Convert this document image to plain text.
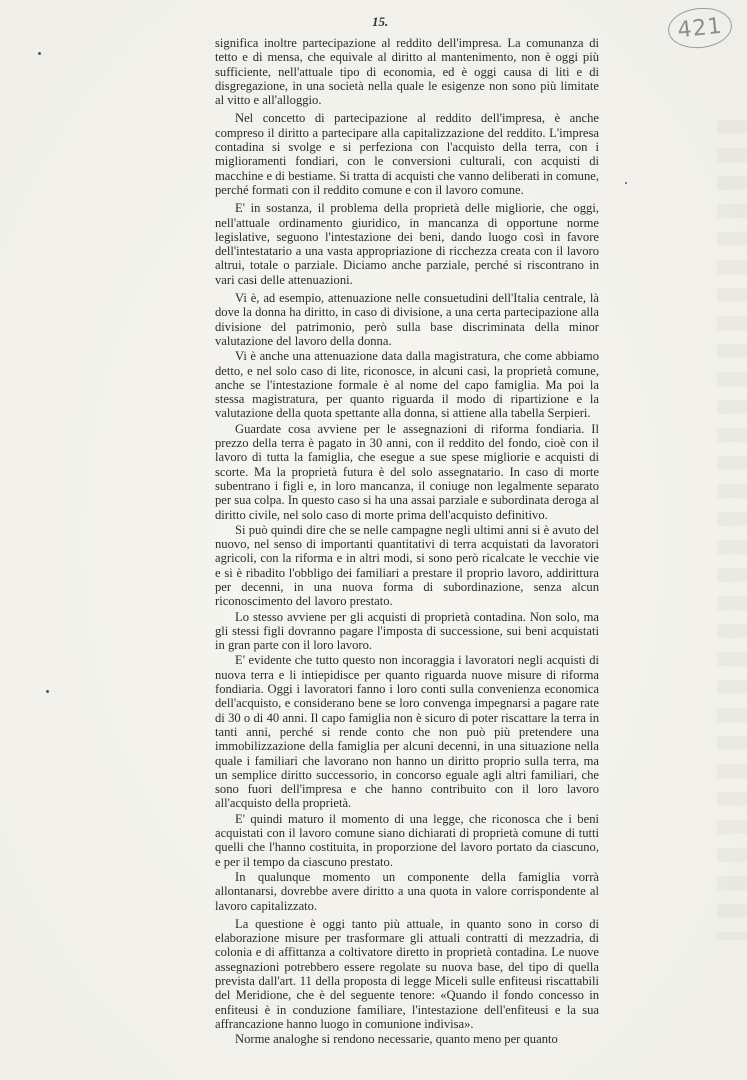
15.	421

significa inoltre partecipazione al reddito dell'impresa. La comunanza di tetto e di mensa, che equivale al diritto al mantenimento, non è oggi più sufficiente, nell'attuale tipo di economia, ed è oggi causa di liti e di disgregazione, in una società nella quale le esigenze non sono più limitate al vitto e all'alloggio.

Nel concetto di partecipazione al reddito dell'impresa, è anche compreso il diritto a partecipare alla capitalizzazione del reddito. L'impresa contadina si svolge e si perfeziona con l'acquisto della terra, con i miglioramenti fondiari, con le conversioni culturali, con acquisti di macchine e di bestiame. Si tratta di acquisti che vanno deliberati in comune, perché formati con il reddito comune e con il lavoro comune.

E' in sostanza, il problema della proprietà delle migliorie, che oggi, nell'attuale ordinamento giuridico, in mancanza di opportune norme legislative, seguono l'intestazione dei beni, dando luogo così in favore dell'intestatario a una vasta appropriazione di ricchezza creata con il lavoro altrui, totale o parziale. Diciamo anche parziale, perché si riscontrano in vari casi delle attenuazioni.

Vi è, ad esempio, attenuazione nelle consuetudini dell'Italia centrale, là dove la donna ha diritto, in caso di divisione, a una certa partecipazione alla divisione del patrimonio, però sulla base discriminata della minor valutazione del lavoro della donna.

Vi è anche una attenuazione data dalla magistratura, che come abbiamo detto, e nel solo caso di lite, riconosce, in alcuni casi, la proprietà comune, anche se l'intestazione formale è al nome del capo famiglia. Ma poi la stessa magistratura, per quanto riguarda il modo di ripartizione e la valutazione della quota spettante alla donna, si attiene alla tabella Serpieri.

Guardate cosa avviene per le assegnazioni di riforma fondiaria. Il prezzo della terra è pagato in 30 anni, con il reddito del fondo, cioè con il lavoro di tutta la famiglia, che esegue a sue spese migliorie e acquisti di scorte. Ma la proprietà futura è del solo assegnatario. In caso di morte subentrano i figli e, in loro mancanza, il coniuge non legalmente separato per sua colpa. In questo caso si ha una assai parziale e subordinata deroga al diritto civile, nel solo caso di morte prima dell'acquisto definitivo.

Si può quindi dire che se nelle campagne negli ultimi anni si è avuto del nuovo, nel senso di importanti quantitativi di terra acquistati da lavoratori agricoli, con la riforma e in altri modi, si sono però ricalcate le vecchie vie e si è ribadito l'obbligo dei familiari a prestare il proprio lavoro, addirittura per decenni, in una nuova forma di subordinazione, senza alcun riconoscimento del lavoro prestato.

Lo stesso avviene per gli acquisti di proprietà contadina. Non solo, ma gli stessi figli dovranno pagare l'imposta di successione, sui beni acquistati in gran parte con il loro lavoro.

E' evidente che tutto questo non incoraggia i lavoratori negli acquisti di nuova terra e li intiepidisce per quanto riguarda nuove misure di riforma fondiaria. Oggi i lavoratori fanno i loro conti sulla convenienza economica dell'acquisto, e considerano bene se loro convenga impegnarsi a pagare rate di 30 o di 40 anni. Il capo famiglia non è sicuro di poter riscattare la terra in tanti anni, perché si rende conto che non può più pretendere una immobilizzazione della famiglia per alcuni decenni, in una situazione nella quale i familiari che lavorano non hanno un diritto proprio sulla terra, ma un semplice diritto successorio, in concorso eguale agli altri familiari, che sono fuori dell'impresa e che hanno contribuito con il loro lavoro all'acquisto della proprietà.

E' quindi maturo il momento di una legge, che riconosca che i beni acquistati con il lavoro comune siano dichiarati di proprietà comune di tutti quelli che l'hanno costituita, in proporzione del lavoro portato da ciascuno, e per il tempo da ciascuno prestato.

In qualunque momento un componente della famiglia vorrà allontanarsi, dovrebbe avere diritto a una quota in valore corrispondente al lavoro capitalizzato.

La questione è oggi tanto più attuale, in quanto sono in corso di elaborazione misure per trasformare gli attuali contratti di mezzadria, di colonia e di affittanza a coltivatore diretto in proprietà contadina. Le nuove assegnazioni potrebbero essere regolate su nuova base, del tipo di quella prevista dall'art. 11 della proposta di legge Miceli sulle enfiteusi riscattabili del Meridione, che è del seguente tenore: «Quando il fondo concesso in enfiteusi è in conduzione familiare, l'intestazione dell'enfiteusi e la sua affrancazione hanno luogo in comunione indivisa».

Norme analoghe si rendono necessarie, quanto meno per quanto
